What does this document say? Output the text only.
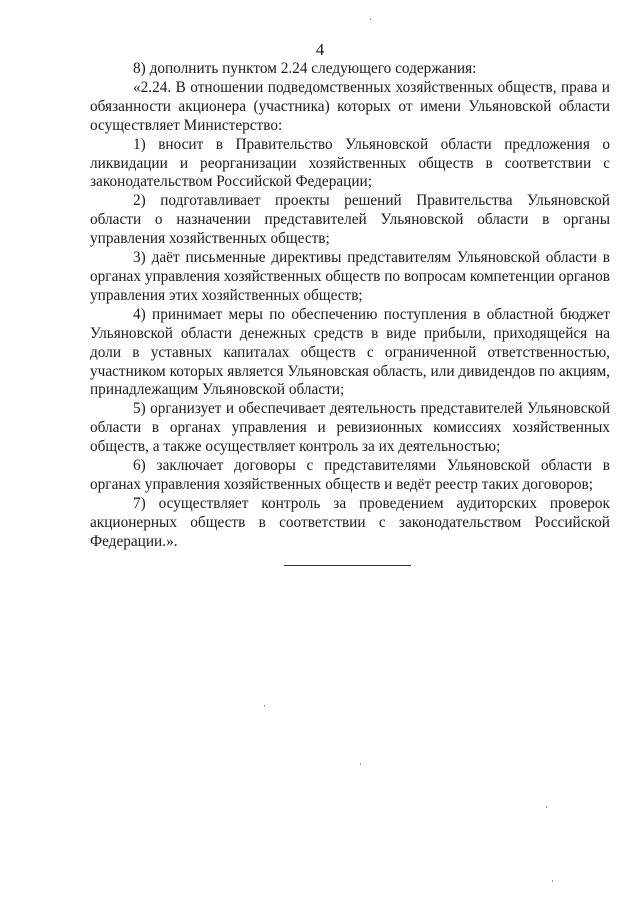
4

8) дополнить пунктом 2.24 следующего содержания:

«2.24. В отношении подведомственных хозяйственных обществ, права и обязанности акционера (участника) которых от имени Ульяновской области осуществляет Министерство:

1) вносит в Правительство Ульяновской области предложения о ликвидации и реорганизации хозяйственных обществ в соответствии с законодательством Российской Федерации;

2) подготавливает проекты решений Правительства Ульяновской области о назначении представителей Ульяновской области в органы управления хозяйственных обществ;

3) даёт письменные директивы представителям Ульяновской области в органах управления хозяйственных обществ по вопросам компетенции органов управления этих хозяйственных обществ;

4) принимает меры по обеспечению поступления в областной бюджет Ульяновской области денежных средств в виде прибыли, приходящейся на доли в уставных капиталах обществ с ограниченной ответственностью, участником которых является Ульяновская область, или дивидендов по акциям, принадлежащим Ульяновской области;

5) организует и обеспечивает деятельность представителей Ульяновской области в органах управления и ревизионных комиссиях хозяйственных обществ, а также осуществляет контроль за их деятельностью;

6) заключает договоры с представителями Ульяновской области в органах управления хозяйственных обществ и ведёт реестр таких договоров;

7) осуществляет контроль за проведением аудиторских проверок акционерных обществ в соответствии с законодательством Российской Федерации.».
